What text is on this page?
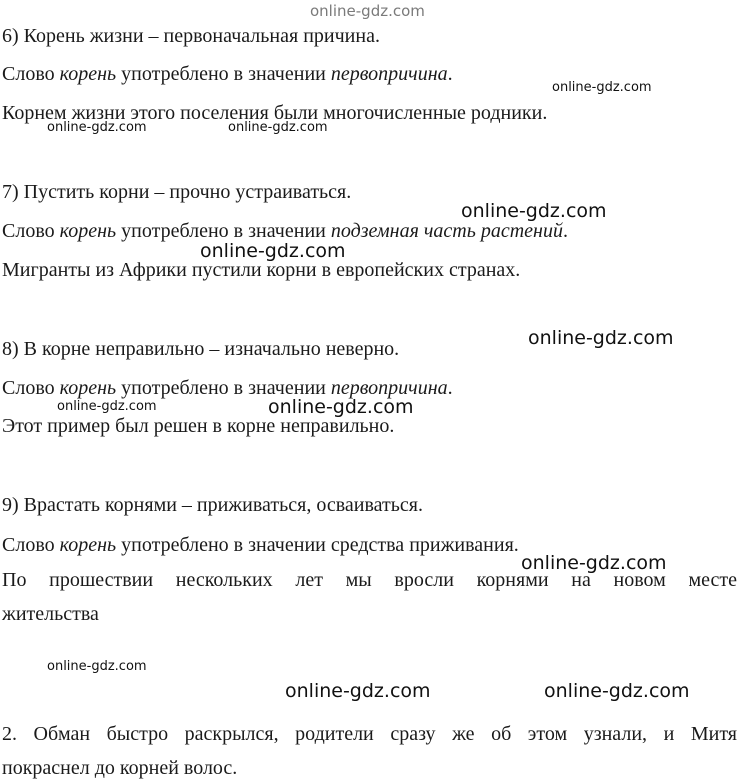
online-gdz.com

6) Корень жизни – первоначальная причина.

Слово корень употреблено в значении первопричина.

Корнем жизни этого поселения были многочисленные родники.

7) Пустить корни – прочно устраиваться.

Слово корень употреблено в значении подземная часть растений.

Мигранты из Африки пустили корни в европейских странах.

8) В корне неправильно – изначально неверно.

Слово корень употреблено в значении первопричина.

Этот пример был решен в корне неправильно.

9) Врастать корнями – приживаться, осваиваться.

Слово корень употреблено в значении средства приживания.

По прошествии нескольких лет мы вросли корнями на новом месте

жительства

2. Обман быстро раскрылся, родители сразу же об этом узнали, и Митя

покраснел до корней волос.

online-gdz.com
online-gdz.com	online-gdz.com
online-gdz.com
online-gdz.com
online-gdz.com
online-gdz.com	online-gdz.com
online-gdz.com
online-gdz.com
online-gdz.com	online-gdz.com
